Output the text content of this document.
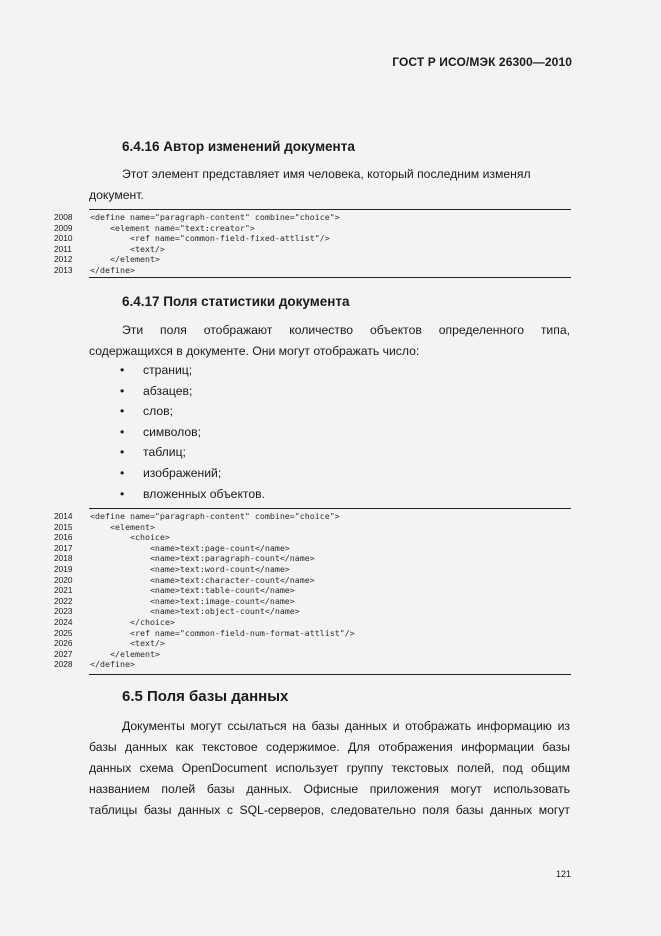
ГОСТ Р ИСО/МЭК 26300—2010
6.4.16 Автор изменений документа

Этот элемент представляет имя человека, который последним изменял

документ.

2008	<define name="paragraph-content" combine="choice">
2009	<element name="text:creator">
2010	<ref name="common-field-fixed-attlist"/>
2011	<text/>
2012	</element>
2013	</define>
6.4.17 Поля статистики документа

Эти поля отображают количество объектов определенного типа,

содержащихся в документе. Они могут отображать число:

• страниц;
• абзацев;
• слов;
• символов;
• таблиц;
• изображений;
• вложенных объектов.
2014	<define name="paragraph-content" combine="choice">
2015	<element>
2016	<choice>
2017	<name>text:page-count</name>
2018	<name>text:paragraph-count</name>
2019	<name>text:word-count</name>
2020	<name>text:character-count</name>
2021	<name>text:table-count</name>
2022	<name>text:image-count</name>
2023	<name>text:object-count</name>
2024	</choice>
2025	<ref name="common-field-num-format-attlist"/>
2026	<text/>
2027	</element>
2028	</define>
6.5 Поля базы данных

Документы могут ссылаться на базы данных и отображать информацию из

базы данных как текстовое содержимое. Для отображения информации базы

данных схема OpenDocument использует группу текстовых полей, под общим

названием полей базы данных. Офисные приложения могут использовать

таблицы базы данных с SQL-серверов, следовательно поля базы данных могут

121
